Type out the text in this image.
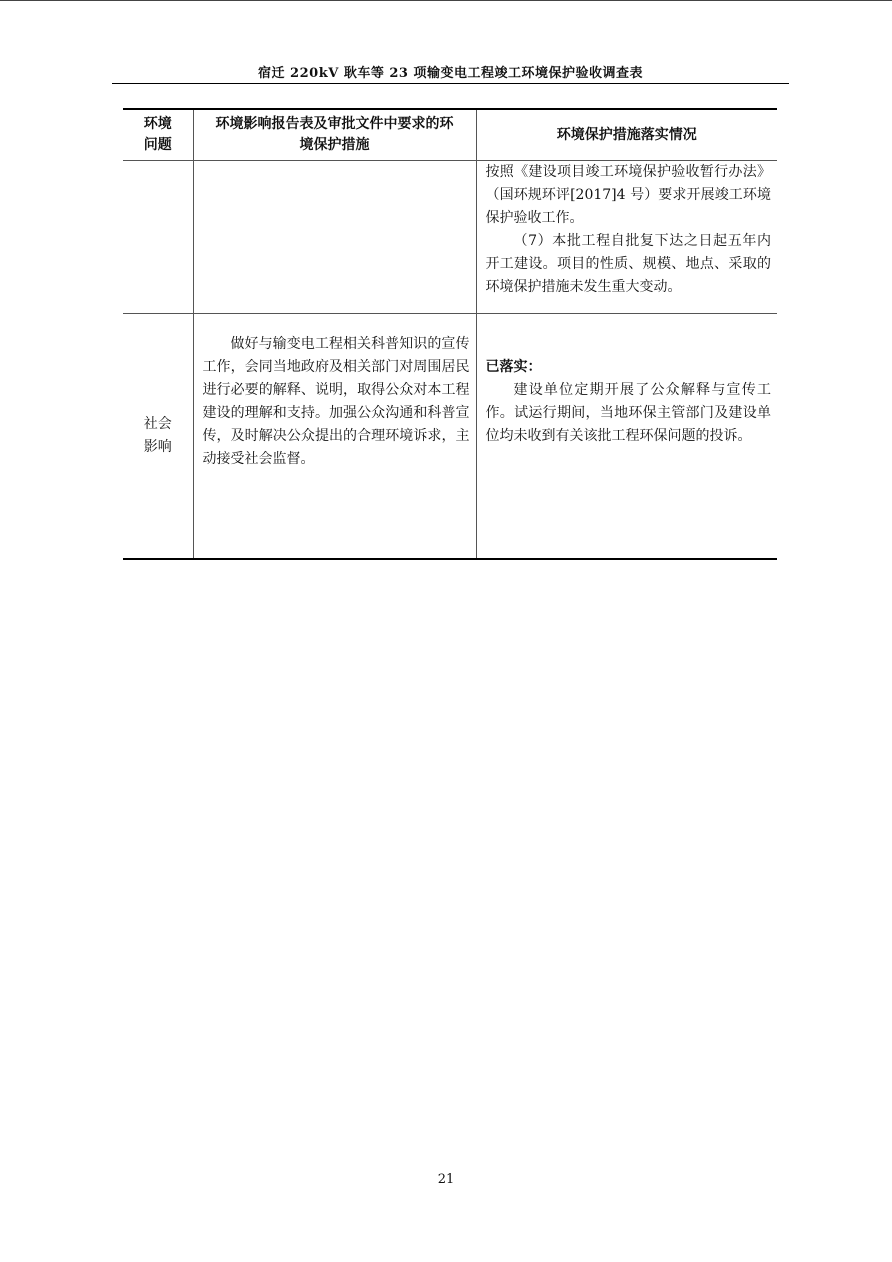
宿迁 220kV 耿车等 23 项输变电工程竣工环境保护验收调查表
环境问题	环境影响报告表及审批文件中要求的环境保护措施	环境保护措施落实情况

		按照《建设项目竣工环境保护验收暂行办法》（国环规环评[2017]4 号）要求开展竣工环境保护验收工作。

（7）本批工程自批复下达之日起五年内开工建设。项目的性质、规模、地点、采取的环境保护措施未发生重大变动。

社会影响	做好与输变电工程相关科普知识的宣传工作，会同当地政府及相关部门对周围居民进行必要的解释、说明，取得公众对本工程建设的理解和支持。加强公众沟通和科普宣传，及时解决公众提出的合理环境诉求，主动接受社会监督。	已落实：

建设单位定期开展了公众解释与宣传工作。试运行期间，当地环保主管部门及建设单位均未收到有关该批工程环保问题的投诉。

21
